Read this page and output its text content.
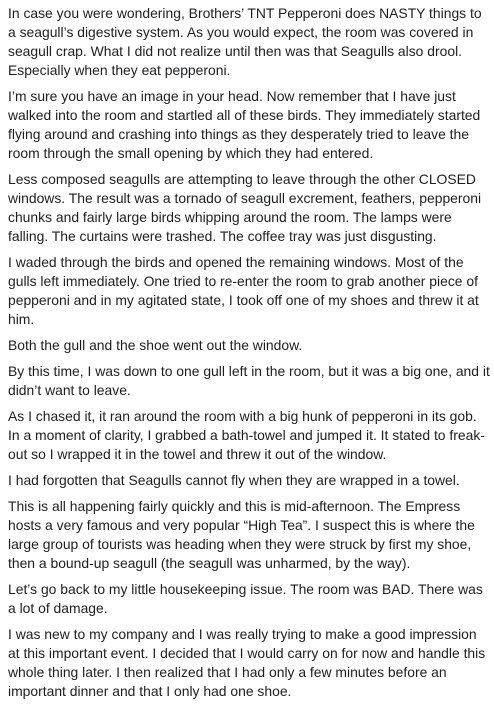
In case you were wondering, Brothers’ TNT Pepperoni does NASTY things to a seagull’s digestive system. As you would expect, the room was covered in seagull crap. What I did not realize until then was that Seagulls also drool. Especially when they eat pepperoni.

I’m sure you have an image in your head. Now remember that I have just walked into the room and startled all of these birds. They immediately started flying around and crashing into things as they desperately tried to leave the room through the small opening by which they had entered.

Less composed seagulls are attempting to leave through the other CLOSED windows. The result was a tornado of seagull excrement, feathers, pepperoni chunks and fairly large birds whipping around the room. The lamps were falling. The curtains were trashed. The coffee tray was just disgusting.

I waded through the birds and opened the remaining windows. Most of the gulls left immediately. One tried to re-enter the room to grab another piece of pepperoni and in my agitated state, I took off one of my shoes and threw it at him.

Both the gull and the shoe went out the window.

By this time, I was down to one gull left in the room, but it was a big one, and it didn’t want to leave.

As I chased it, it ran around the room with a big hunk of pepperoni in its gob.

In a moment of clarity, I grabbed a bath-towel and jumped it. It stated to freak-out so I wrapped it in the towel and threw it out of the window.

I had forgotten that Seagulls cannot fly when they are wrapped in a towel.

This is all happening fairly quickly and this is mid-afternoon. The Empress hosts a very famous and very popular “High Tea”. I suspect this is where the large group of tourists was heading when they were struck by first my shoe, then a bound-up seagull (the seagull was unharmed, by the way).

Let’s go back to my little housekeeping issue. The room was BAD. There was a lot of damage.

I was new to my company and I was really trying to make a good impression at this important event. I decided that I would carry on for now and handle this whole thing later. I then realized that I had only a few minutes before an important dinner and that I only had one shoe.
